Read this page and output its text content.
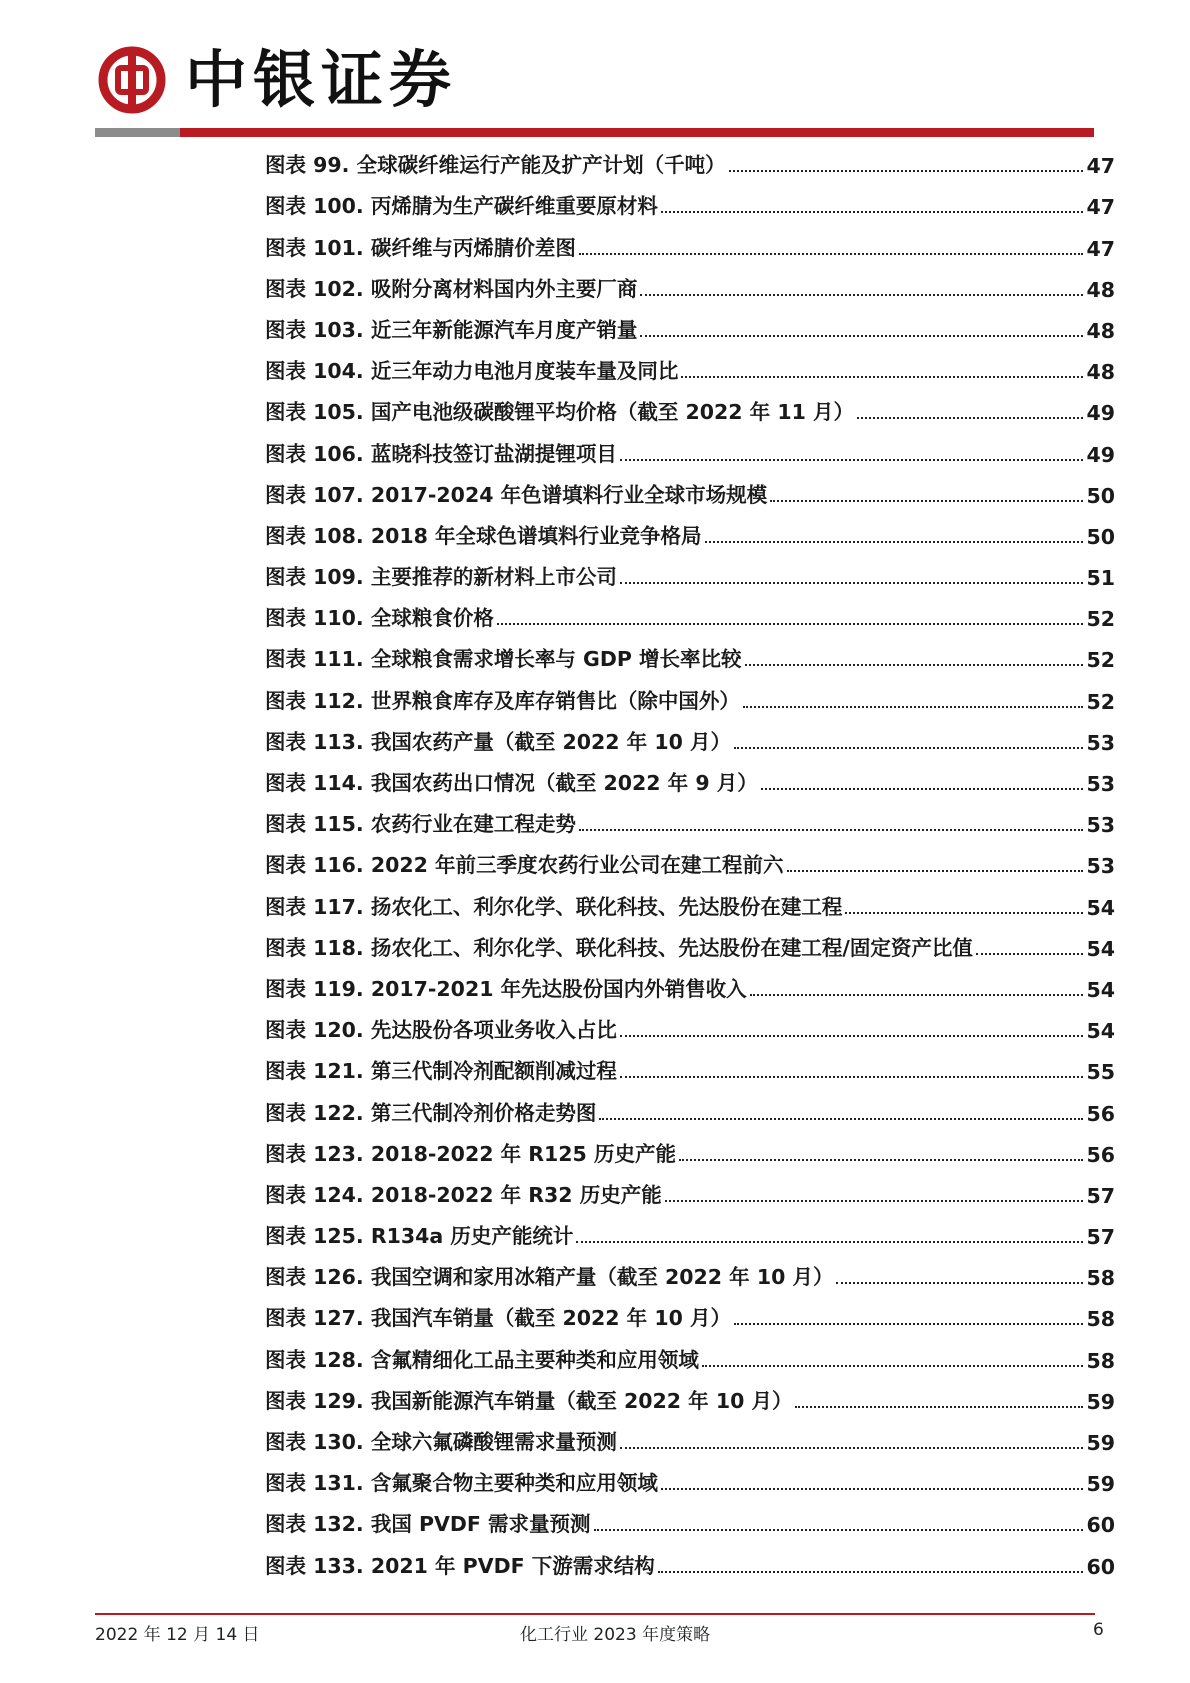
中银证券
图表 99. 全球碳纤维运行产能及扩产计划（千吨）	47
图表 100. 丙烯腈为生产碳纤维重要原材料	47
图表 101. 碳纤维与丙烯腈价差图	47
图表 102. 吸附分离材料国内外主要厂商	48
图表 103. 近三年新能源汽车月度产销量	48
图表 104. 近三年动力电池月度装车量及同比	48
图表 105. 国产电池级碳酸锂平均价格（截至 2022 年 11 月）	49
图表 106. 蓝晓科技签订盐湖提锂项目	49
图表 107. 2017-2024 年色谱填料行业全球市场规模	50
图表 108. 2018 年全球色谱填料行业竞争格局	50
图表 109. 主要推荐的新材料上市公司	51
图表 110. 全球粮食价格	52
图表 111. 全球粮食需求增长率与 GDP 增长率比较	52
图表 112. 世界粮食库存及库存销售比（除中国外）	52
图表 113. 我国农药产量（截至 2022 年 10 月）	53
图表 114. 我国农药出口情况（截至 2022 年 9 月）	53
图表 115. 农药行业在建工程走势	53
图表 116. 2022 年前三季度农药行业公司在建工程前六	53
图表 117. 扬农化工、利尔化学、联化科技、先达股份在建工程	54
图表 118. 扬农化工、利尔化学、联化科技、先达股份在建工程/固定资产比值	54
图表 119. 2017-2021 年先达股份国内外销售收入	54
图表 120. 先达股份各项业务收入占比	54
图表 121. 第三代制冷剂配额削减过程	55
图表 122. 第三代制冷剂价格走势图	56
图表 123. 2018-2022 年 R125 历史产能	56
图表 124. 2018-2022 年 R32 历史产能	57
图表 125. R134a 历史产能统计	57
图表 126. 我国空调和家用冰箱产量（截至 2022 年 10 月）	58
图表 127. 我国汽车销量（截至 2022 年 10 月）	58
图表 128. 含氟精细化工品主要种类和应用领域	58
图表 129. 我国新能源汽车销量（截至 2022 年 10 月）	59
图表 130. 全球六氟磷酸锂需求量预测	59
图表 131. 含氟聚合物主要种类和应用领域	59
图表 132. 我国 PVDF 需求量预测	60
图表 133. 2021 年 PVDF 下游需求结构	60
2022 年 12 月 14 日	化工行业 2023 年度策略	6
